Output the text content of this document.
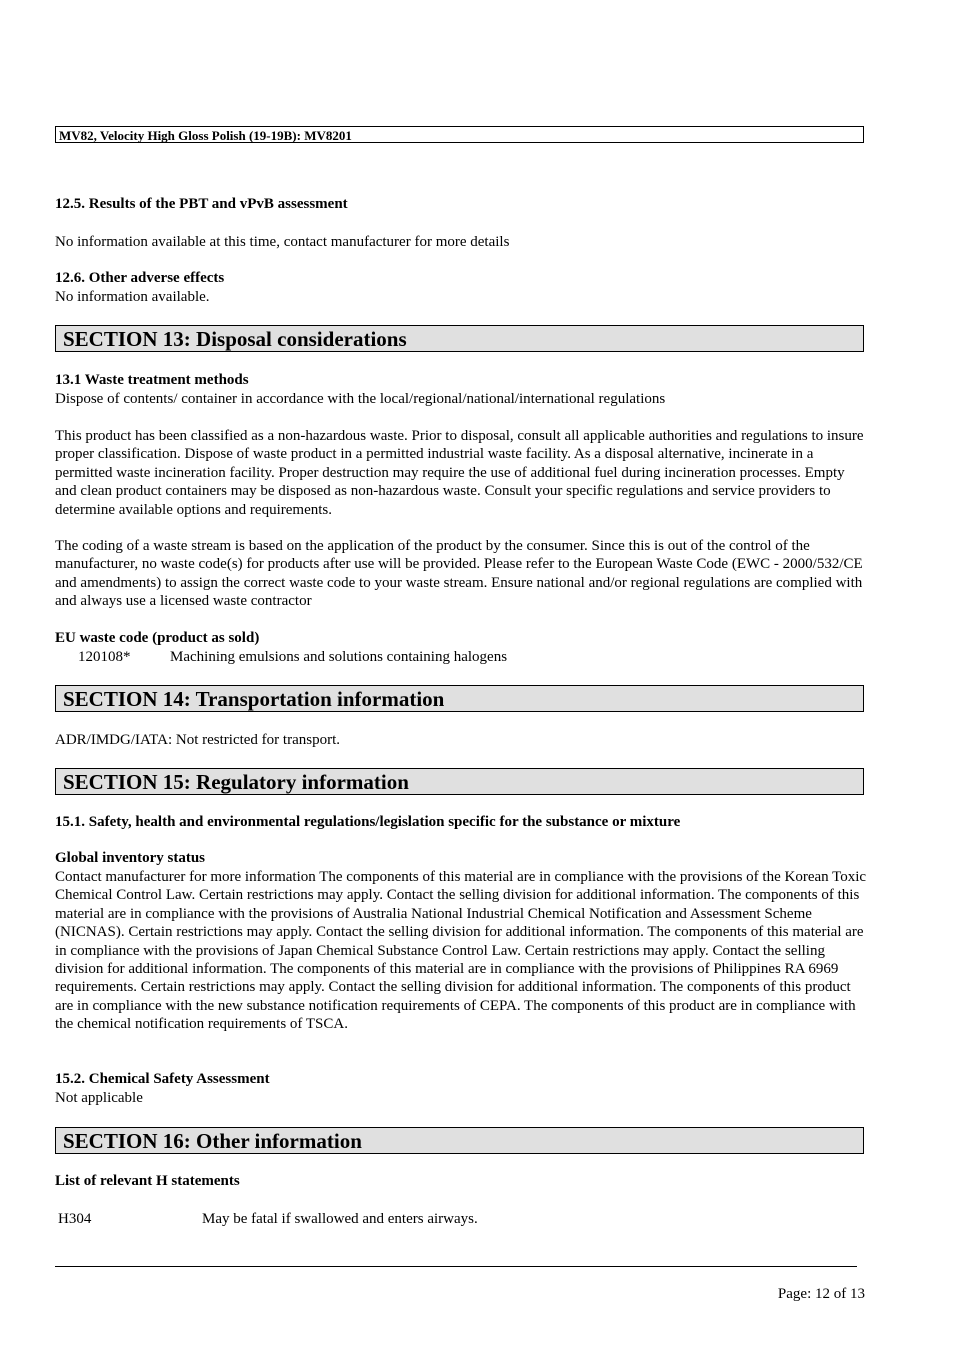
MV82, Velocity High Gloss Polish (19-19B): MV8201
12.5. Results of the PBT and vPvB assessment
No information available at this time, contact manufacturer for more details
12.6. Other adverse effects
No information available.
SECTION 13: Disposal considerations
13.1 Waste treatment methods
Dispose of contents/ container in accordance with the local/regional/national/international regulations
This product has been classified as a non-hazardous waste. Prior to disposal, consult all applicable authorities and regulations to insure proper classification. Dispose of waste product in a permitted industrial waste facility. As a disposal alternative, incinerate in a permitted waste incineration facility. Proper destruction may require the use of additional fuel during incineration processes. Empty and clean product containers may be disposed as non-hazardous waste. Consult your specific regulations and service providers to determine available options and requirements.
The coding of a waste stream is based on the application of the product by the consumer. Since this is out of the control of the manufacturer, no waste code(s) for products after use will be provided. Please refer to the European Waste Code (EWC - 2000/532/CE and amendments) to assign the correct waste code to your waste stream. Ensure national and/or regional regulations are complied with and always use a licensed waste contractor
EU waste code (product as sold)
120108*	Machining emulsions and solutions containing halogens
SECTION 14: Transportation information
ADR/IMDG/IATA: Not restricted for transport.
SECTION 15: Regulatory information
15.1. Safety, health and environmental regulations/legislation specific for the substance or mixture
Global inventory status
Contact manufacturer for more information The components of this material are in compliance with the provisions of the Korean Toxic Chemical Control Law. Certain restrictions may apply. Contact the selling division for additional information. The components of this material are in compliance with the provisions of Australia National Industrial Chemical Notification and Assessment Scheme (NICNAS). Certain restrictions may apply. Contact the selling division for additional information. The components of this material are in compliance with the provisions of Japan Chemical Substance Control Law. Certain restrictions may apply. Contact the selling division for additional information. The components of this material are in compliance with the provisions of Philippines RA 6969 requirements. Certain restrictions may apply. Contact the selling division for additional information. The components of this product are in compliance with the new substance notification requirements of CEPA. The components of this product are in compliance with the chemical notification requirements of TSCA.
15.2. Chemical Safety Assessment
Not applicable
SECTION 16: Other information
List of relevant H statements
H304	May be fatal if swallowed and enters airways.
Page: 12 of 13
